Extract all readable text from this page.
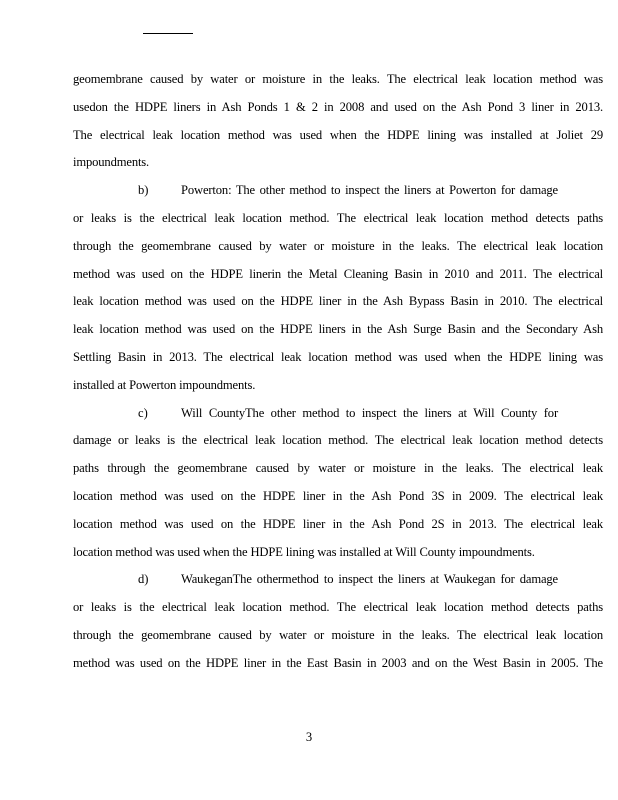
geomembrane caused by water or moisture in the leaks. The electrical leak location method was
usedon the HDPE liners in Ash Ponds 1 & 2 in 2008 and used on the Ash Pond 3 liner in 2013.
The electrical leak location method was used when the HDPE lining was installed at Joliet 29
impoundments.
b)	Powerton: The other method to inspect the liners at Powerton for damage
or leaks is the electrical leak location method. The electrical leak location method detects paths
through the geomembrane caused by water or moisture in the leaks. The electrical leak location
method was used on the HDPE linerin the Metal Cleaning Basin in 2010 and 2011. The electrical
leak location method was used on the HDPE liner in the Ash Bypass Basin in 2010. The electrical
leak location method was used on the HDPE liners in the Ash Surge Basin and the Secondary Ash
Settling Basin in 2013. The electrical leak location method was used when the HDPE lining was
installed at Powerton impoundments.
c)	Will CountyThe other method to inspect the liners at Will County for
damage or leaks is the electrical leak location method. The electrical leak location method detects
paths through the geomembrane caused by water or moisture in the leaks. The electrical leak
location method was used on the HDPE liner in the Ash Pond 3S in 2009. The electrical leak
location method was used on the HDPE liner in the Ash Pond 2S in 2013. The electrical leak
location method was used when the HDPE lining was installed at Will County impoundments.
d)	WaukeganThe othermethod to inspect the liners at Waukegan for damage
or leaks is the electrical leak location method. The electrical leak location method detects paths
through the geomembrane caused by water or moisture in the leaks. The electrical leak location
method was used on the HDPE liner in the East Basin in 2003 and on the West Basin in 2005. The
3
